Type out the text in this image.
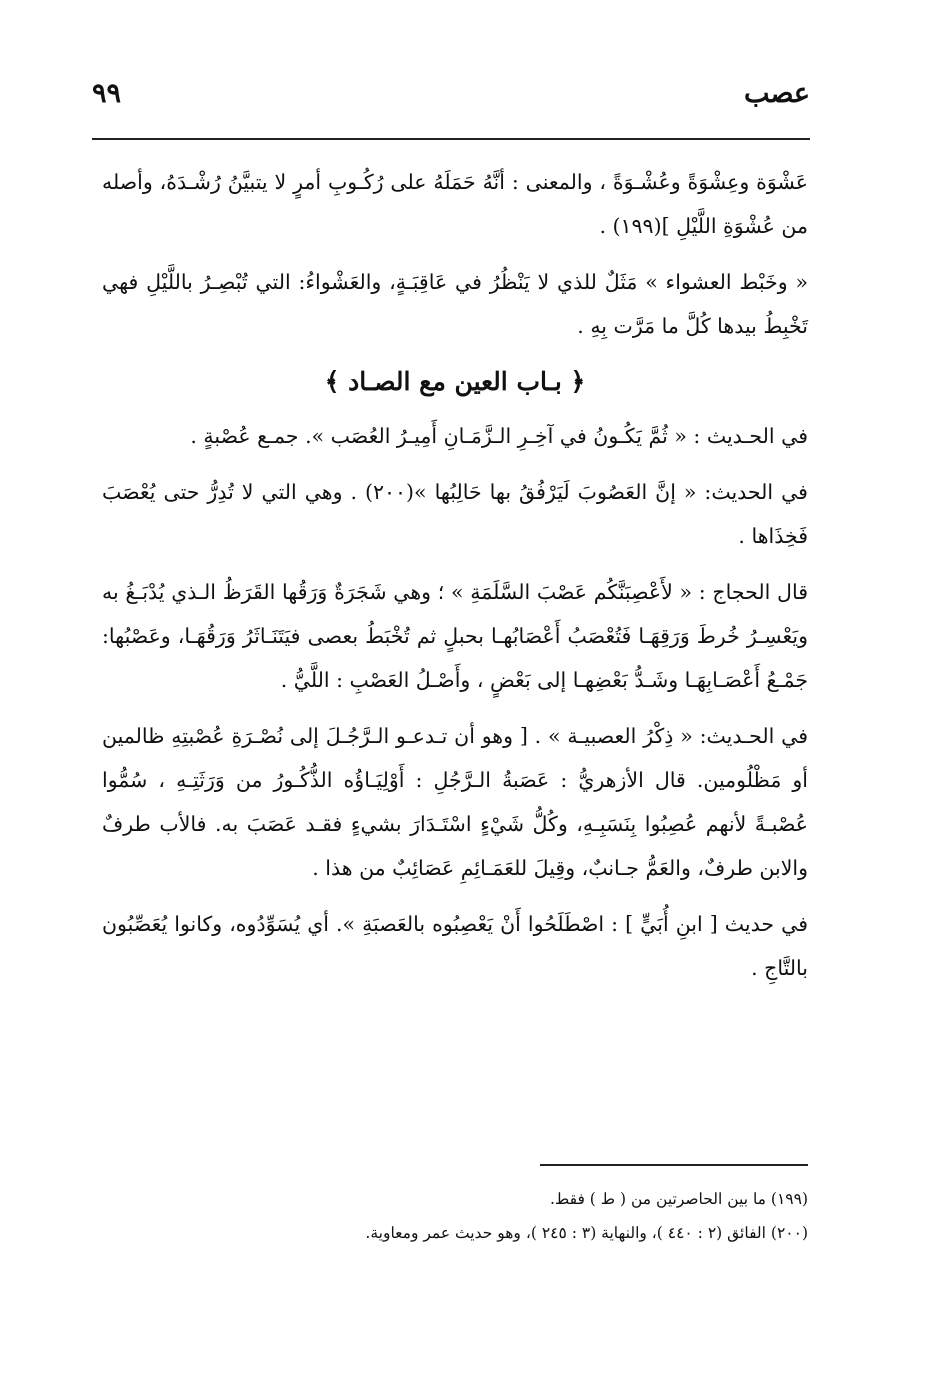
عصب
٩٩

عَشْوَة وعِشْوَةً وعُشْـوَةً ، والمعنى : أنَّهُ حَمَلَهُ على رُكُـوبِ أمرٍ لا يتبيَّنُ رُشْـدَهُ، وأصله من عُشْوَةِ اللَّيْلِ ](١٩٩) .

« وخَبْط العشواء » مَثَلٌ للذي لا يَنْظُرُ في عَاقِبَـةٍ، والعَشْواءُ: التي تُبْصِـرُ باللَّيْلِ فهي تَخْبِطُ بيدها كُلَّ ما مَرَّت بِهِ .

﴿ بـاب العين مع الصـاد ﴾

في الحـديث : « ثُمَّ يَكُـونُ في آخِـرِ الـزَّمَـانِ أَمِيـرُ العُصَب ». جمـع عُصْبةٍ .

في الحديث: « إنَّ العَصُوبَ لَيَرْفُقُ بها حَالِبُها »(٢٠٠) . وهي التي لا تُدِرُّ حتى يُعْصَبَ فَخِذَاها .

قال الحجاج : « لأَعْصِبَنَّكُم عَصْبَ السَّلَمَةِ » ؛ وهي شَجَرَةٌ وَرَقُها القَرَظُ الـذي يُدْبَـغُ به ويَعْسِـرُ خُرطَ وَرَقِهَـا فَتُعْصَبُ أَعْصَابُهـا بحبلٍ ثم تُخْبَطُ بعصى فيَتَنَـاثَرُ وَرَقُهَـا، وعَصْبُها: جَمْـعُ أَعْصَـابِهَـا وشَـدُّ بَعْضِهـا إلى بَعْضٍ ، وأَصْـلُ العَصْبِ : اللَّيُّ .

في الحـديث: « ذِكْرُ العصبيـة » . [ وهو أن تـدعـو الـرَّجُـلَ إلى نُصْـرَةِ عُصْبتِهِ ظالمين أو مَظْلُومين. قال الأزهريُّ : عَصَبةُ الـرَّجُلِ : أَوْلِيَـاؤُه الذُّكُـورُ من وَرَثَتِـهِ ، سُمُّوا عُصْبـةً لأنهم عُصِبُوا بِنَسَبِـهِ، وكُلُّ شَيْءٍ اسْتَـدَارَ بشيءٍ فقـد عَصَبَ به. فالأب طرفٌ والابن طرفٌ، والعَمُّ جـانبٌ، وقِيلَ للعَمَـائِمِ عَصَائِبٌ من هذا .

في حديث [ ابنِ أُبَيٍّ ] : اصْطَلَحُوا أَنْ يَعْصِبُوه بالعَصبَةِ ». أي يُسَوِّدُوه، وكانوا يُعَصِّبُون بالتَّاجِ .

(١٩٩) ما بين الحاصرتين من ( ط ) فقط.

(٢٠٠) الفائق (٢ : ٤٤٠ )، والنهاية (٣ : ٢٤٥ )، وهو حديث عمر ومعاوية.
